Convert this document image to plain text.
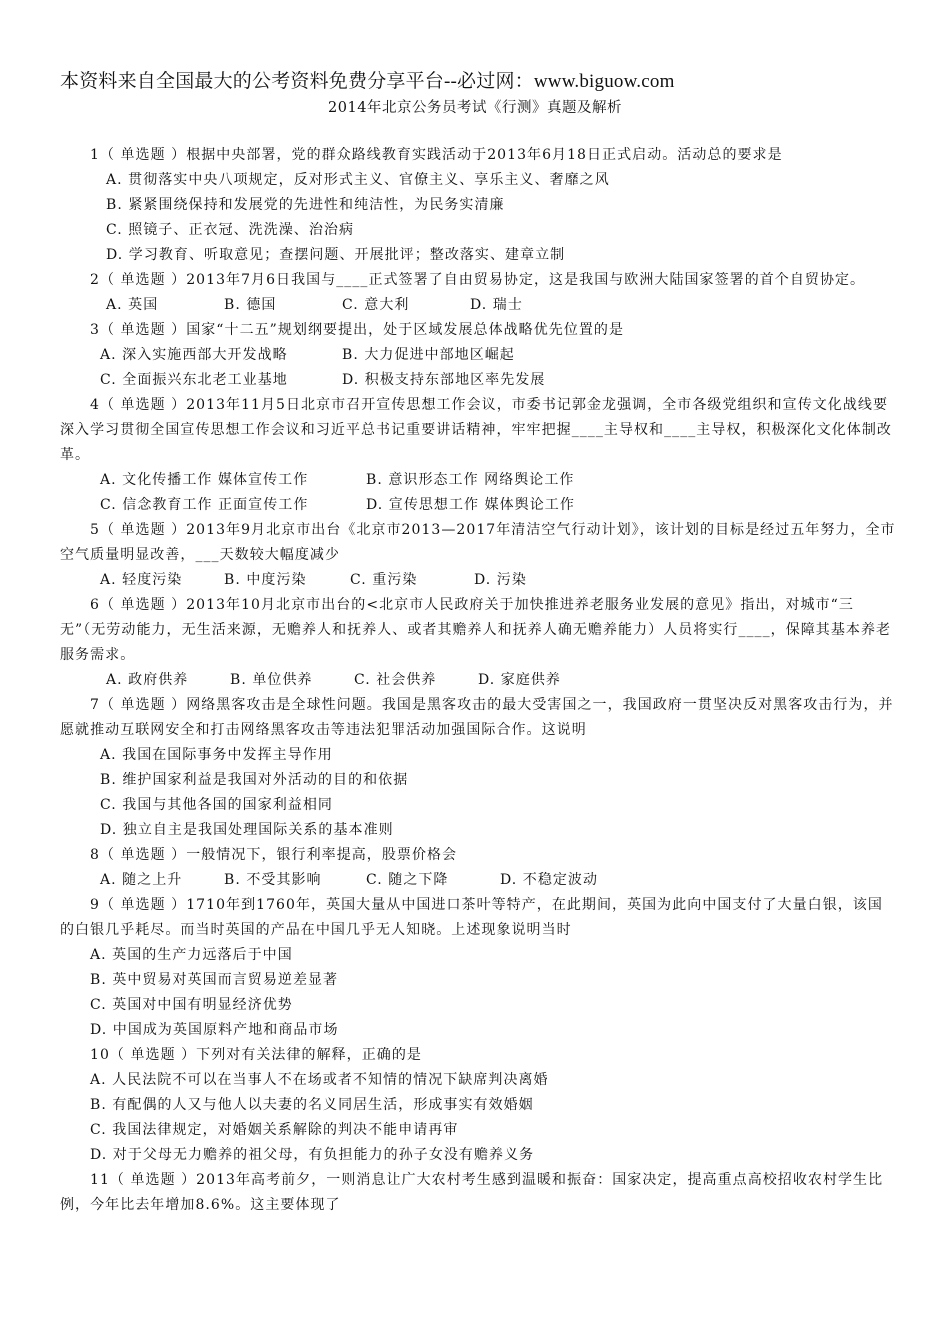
本资料来自全国最大的公考资料免费分享平台--必过网：www.biguow.com
2014年北京公务员考试《行测》真题及解析
1（ 单选题 ）根据中央部署，党的群众路线教育实践活动于2013年6月18日正式启动。活动总的要求是
A. 贯彻落实中央八项规定，反对形式主义、官僚主义、享乐主义、奢靡之风
B. 紧紧围绕保持和发展党的先进性和纯洁性，为民务实清廉
C. 照镜子、正衣冠、洗洗澡、治治病
D. 学习教育、听取意见；查摆问题、开展批评；整改落实、建章立制
2（ 单选题 ）2013年7月6日我国与____正式签署了自由贸易协定，这是我国与欧洲大陆国家签署的首个自贸协定。
A. 英国	B. 德国	C. 意大利	D. 瑞士
3（ 单选题 ）国家“十二五”规划纲要提出，处于区域发展总体战略优先位置的是
A. 深入实施西部大开发战略	B. 大力促进中部地区崛起
C. 全面振兴东北老工业基地	D. 积极支持东部地区率先发展
4（ 单选题 ）2013年11月5日北京市召开宣传思想工作会议，市委书记郭金龙强调，全市各级党组织和宣传文化战线要深入学习贯彻全国宣传思想工作会议和习近平总书记重要讲话精神，牢牢把握____主导权和____主导权，积极深化文化体制改革。
A. 文化传播工作 媒体宣传工作	B. 意识形态工作 网络舆论工作
C. 信念教育工作 正面宣传工作	D. 宣传思想工作 媒体舆论工作
5（ 单选题 ）2013年9月北京市出台《北京市2013—2017年清洁空气行动计划》，该计划的目标是经过五年努力，全市空气质量明显改善，___天数较大幅度减少
A. 轻度污染	B. 中度污染	C. 重污染	D. 污染
6（ 单选题 ）2013年10月北京市出台的<北京市人民政府关于加快推进养老服务业发展的意见》指出，对城市“三无”（无劳动能力，无生活来源，无赡养人和抚养人、或者其赡养人和抚养人确无赡养能力）人员将实行____，保障其基本养老服务需求。
A. 政府供养	B. 单位供养	C. 社会供养	D. 家庭供养
7（ 单选题 ）网络黑客攻击是全球性问题。我国是黑客攻击的最大受害国之一，我国政府一贯坚决反对黑客攻击行为，并愿就推动互联网安全和打击网络黑客攻击等违法犯罪活动加强国际合作。这说明
A. 我国在国际事务中发挥主导作用
B. 维护国家利益是我国对外活动的目的和依据
C. 我国与其他各国的国家利益相同
D. 独立自主是我国处理国际关系的基本准则
8（ 单选题 ）一般情况下，银行利率提高，股票价格会
A. 随之上升	B. 不受其影响	C. 随之下降	D. 不稳定波动
9（ 单选题 ）1710年到1760年，英国大量从中国进口茶叶等特产，在此期间，英国为此向中国支付了大量白银，该国的白银几乎耗尽。而当时英国的产品在中国几乎无人知晓。上述现象说明当时
A. 英国的生产力远落后于中国
B. 英中贸易对英国而言贸易逆差显著
C. 英国对中国有明显经济优势
D. 中国成为英国原料产地和商品市场
10（ 单选题 ）下列对有关法律的解释，正确的是
A. 人民法院不可以在当事人不在场或者不知情的情况下缺席判决离婚
B. 有配偶的人又与他人以夫妻的名义同居生活，形成事实有效婚姻
C. 我国法律规定，对婚姻关系解除的判决不能申请再审
D. 对于父母无力赡养的祖父母，有负担能力的孙子女没有赡养义务
11（ 单选题 ）2013年高考前夕，一则消息让广大农村考生感到温暖和振奋：国家决定，提高重点高校招收农村学生比例，今年比去年增加8.6%。这主要体现了
